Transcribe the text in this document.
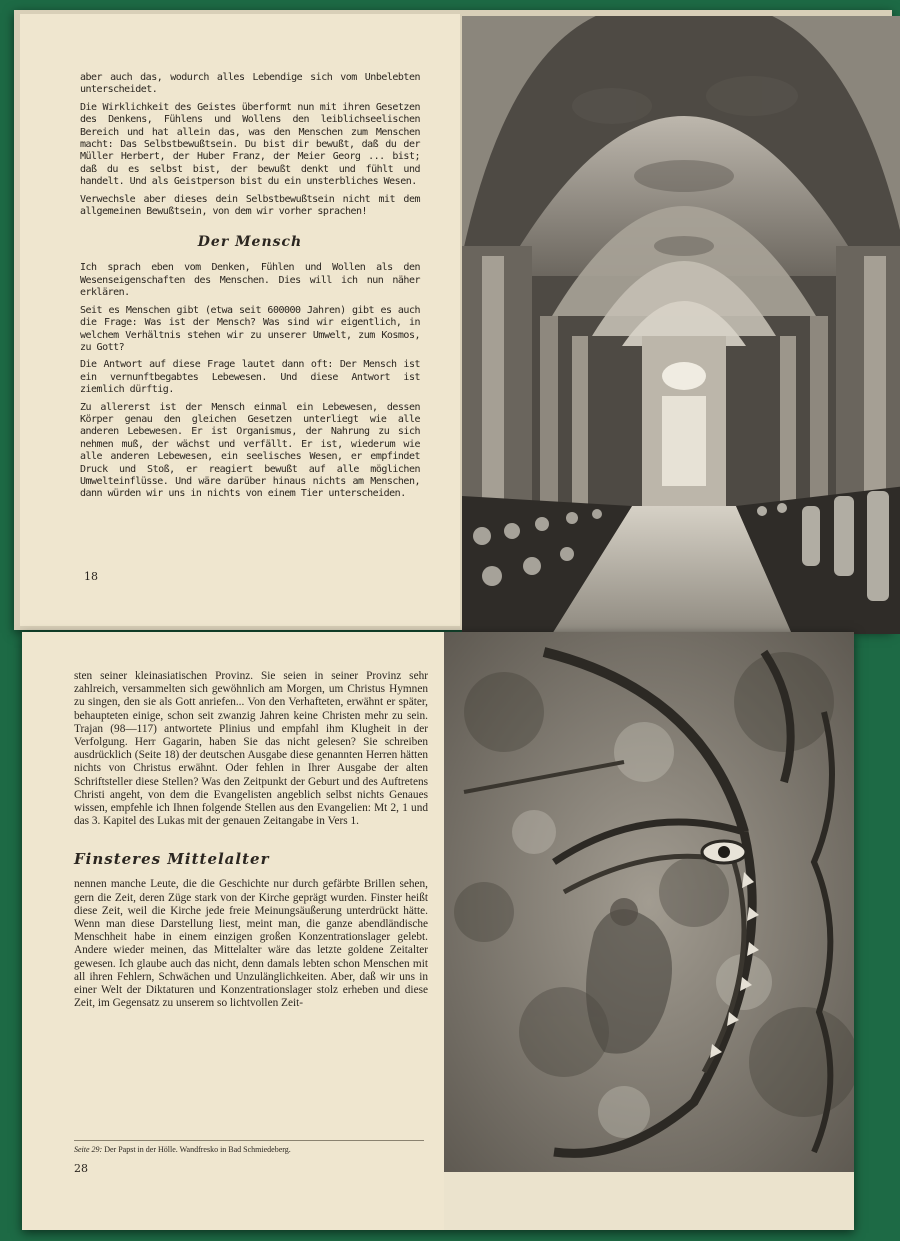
aber auch das, wodurch alles Lebendige sich vom Unbelebten unterscheidet.

Die Wirklichkeit des Geistes überformt nun mit ihren Gesetzen des Denkens, Fühlens und Wollens den leiblichseelischen Bereich und hat allein das, was den Menschen zum Menschen macht: Das Selbstbewußtsein. Du bist dir bewußt, daß du der Müller Herbert, der Huber Franz, der Meier Georg ... bist; daß du es selbst bist, der bewußt denkt und fühlt und handelt. Und als Geistperson bist du ein unsterbliches Wesen.

Verwechsle aber dieses dein Selbstbewußtsein nicht mit dem allgemeinen Bewußtsein, von dem wir vorher sprachen!

Der Mensch

Ich sprach eben vom Denken, Fühlen und Wollen als den Wesenseigenschaften des Menschen. Dies will ich nun näher erklären.

Seit es Menschen gibt (etwa seit 600000 Jahren) gibt es auch die Frage: Was ist der Mensch? Was sind wir eigentlich, in welchem Verhältnis stehen wir zu unserer Umwelt, zum Kosmos, zu Gott?

Die Antwort auf diese Frage lautet dann oft: Der Mensch ist ein vernunftbegabtes Lebewesen. Und diese Antwort ist ziemlich dürftig.

Zu allererst ist der Mensch einmal ein Lebewesen, dessen Körper genau den gleichen Gesetzen unterliegt wie alle anderen Lebewesen. Er ist Organismus, der Nahrung zu sich nehmen muß, der wächst und verfällt. Er ist, wiederum wie alle anderen Lebewesen, ein seelisches Wesen, er empfindet Druck und Stoß, er reagiert bewußt auf alle möglichen Umwelteinflüsse. Und wäre darüber hinaus nichts am Menschen, dann würden wir uns in nichts von einem Tier unterscheiden.

18

sten seiner kleinasiatischen Provinz. Sie seien in seiner Provinz sehr zahlreich, versammelten sich gewöhnlich am Morgen, um Christus Hymnen zu singen, den sie als Gott anriefen... Von den Verhafteten, erwähnt er später, behaupteten einige, schon seit zwanzig Jahren keine Christen mehr zu sein. Trajan (98—117) antwortete Plinius und empfahl ihm Klugheit in der Verfolgung. Herr Gagarin, haben Sie das nicht gelesen? Sie schreiben ausdrücklich (Seite 18) der deutschen Ausgabe diese genannten Herren hätten nichts von Christus erwähnt. Oder fehlen in Ihrer Ausgabe der alten Schriftsteller diese Stellen? Was den Zeitpunkt der Geburt und des Auftretens Christi angeht, von dem die Evangelisten angeblich selbst nichts Genaues wissen, empfehle ich Ihnen folgende Stellen aus den Evangelien: Mt 2, 1 und das 3. Kapitel des Lukas mit der genauen Zeitangabe in Vers 1.

Finsteres Mittelalter

nennen manche Leute, die die Geschichte nur durch gefärbte Brillen sehen, gern die Zeit, deren Züge stark von der Kirche geprägt wurden. Finster heißt diese Zeit, weil die Kirche jede freie Meinungsäußerung unterdrückt hätte. Wenn man diese Darstellung liest, meint man, die ganze abendländische Menschheit habe in einem einzigen großen Konzentrationslager gelebt. Andere wieder meinen, das Mittelalter wäre das letzte goldene Zeitalter gewesen. Ich glaube auch das nicht, denn damals lebten schon Menschen mit all ihren Fehlern, Schwächen und Unzulänglichkeiten. Aber, daß wir uns in einer Welt der Diktaturen und Konzentrationslager stolz erheben und diese Zeit, im Gegensatz zu unserem so lichtvollen Zeit-

Seite 29: Der Papst in der Hölle. Wandfresko in Bad Schmiedeberg.
28
